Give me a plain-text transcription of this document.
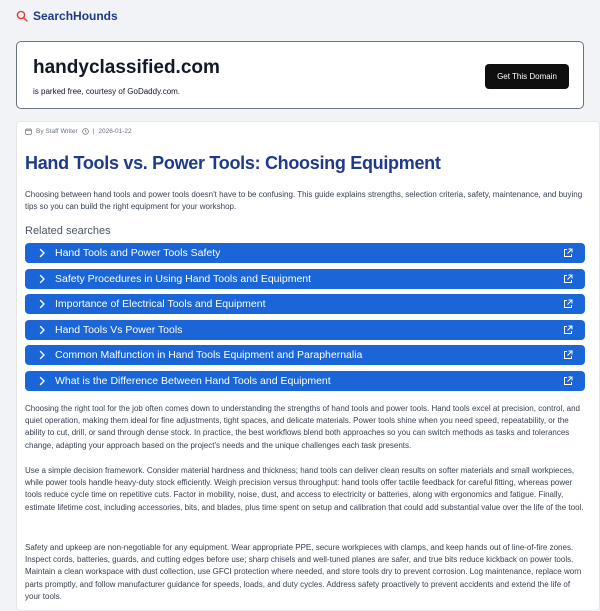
SearchHounds
handyclassified.com
is parked free, courtesy of GoDaddy.com.
Get This Domain
By Staff Writer | 2026-01-22
Hand Tools vs. Power Tools: Choosing Equipment
Choosing between hand tools and power tools doesn't have to be confusing. This guide explains strengths, selection criteria, safety, maintenance, and buying tips so you can build the right equipment for your workshop.
Related searches
Hand Tools and Power Tools Safety
Safety Procedures in Using Hand Tools and Equipment
Importance of Electrical Tools and Equipment
Hand Tools Vs Power Tools
Common Malfunction in Hand Tools Equipment and Paraphernalia
What is the Difference Between Hand Tools and Equipment
Choosing the right tool for the job often comes down to understanding the strengths of hand tools and power tools. Hand tools excel at precision, control, and quiet operation, making them ideal for fine adjustments, tight spaces, and delicate materials. Power tools shine when you need speed, repeatability, or the ability to cut, drill, or sand through dense stock. In practice, the best workflows blend both approaches so you can switch methods as tasks and tolerances change, adapting your approach based on the project's needs and the unique challenges each task presents.
Use a simple decision framework. Consider material hardness and thickness; hand tools can deliver clean results on softer materials and small workpieces, while power tools handle heavy-duty stock efficiently. Weigh precision versus throughput: hand tools offer tactile feedback for careful fitting, whereas power tools reduce cycle time on repetitive cuts. Factor in mobility, noise, dust, and access to electricity or batteries, along with ergonomics and fatigue. Finally, estimate lifetime cost, including accessories, bits, and blades, plus time spent on setup and calibration that could add substantial value over the life of the tool.
Safety and upkeep are non-negotiable for any equipment. Wear appropriate PPE, secure workpieces with clamps, and keep hands out of line-of-fire zones. Inspect cords, batteries, guards, and cutting edges before use; sharp chisels and well-tuned planes are safer, and true bits reduce kickback on power tools. Maintain a clean workspace with dust collection, use GFCI protection where needed, and store tools dry to prevent corrosion. Log maintenance, replace worn parts promptly, and follow manufacturer guidance for speeds, loads, and duty cycles. Address safety proactively to prevent accidents and extend the life of your tools.
